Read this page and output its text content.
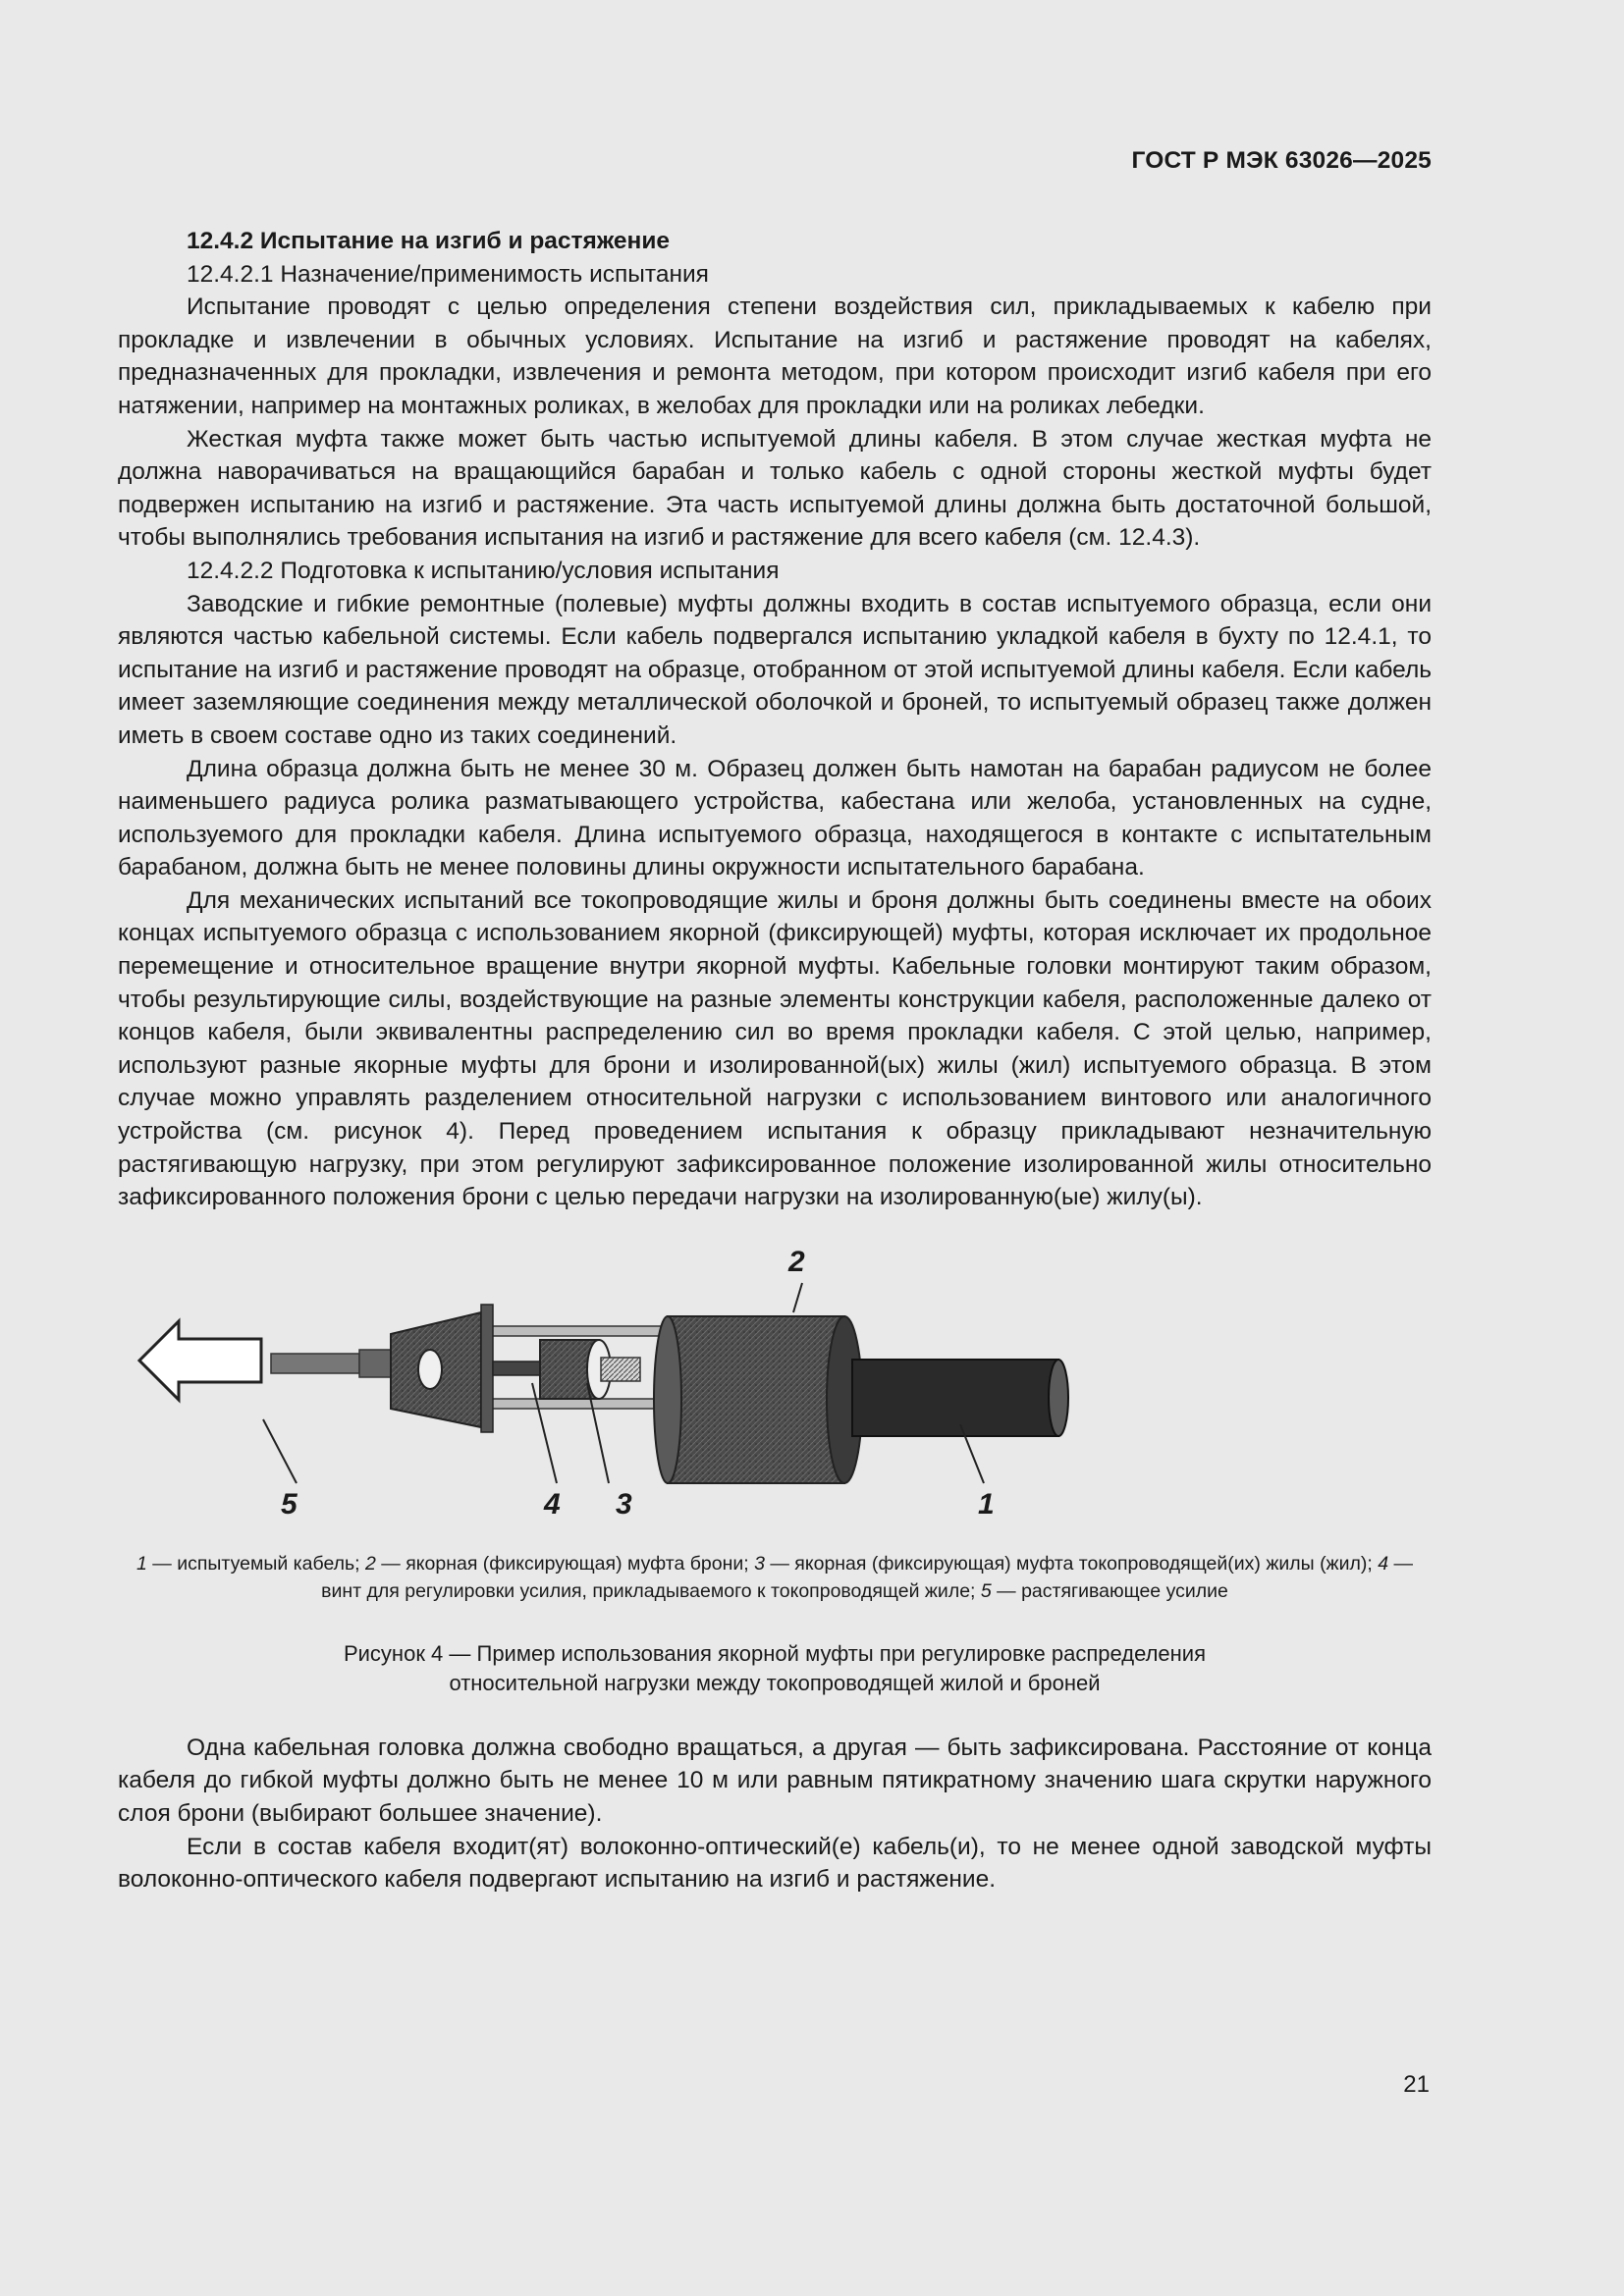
ГОСТ Р МЭК 63026—2025

12.4.2 Испытание на изгиб и растяжение

12.4.2.1 Назначение/применимость испытания

Испытание проводят с целью определения степени воздействия сил, прикладываемых к кабелю при прокладке и извлечении в обычных условиях. Испытание на изгиб и растяжение проводят на кабелях, предназначенных для прокладки, извлечения и ремонта методом, при котором происходит изгиб кабеля при его натяжении, например на монтажных роликах, в желобах для прокладки или на роликах лебедки.

Жесткая муфта также может быть частью испытуемой длины кабеля. В этом случае жесткая муфта не должна наворачиваться на вращающийся барабан и только кабель с одной стороны жесткой муфты будет подвержен испытанию на изгиб и растяжение. Эта часть испытуемой длины должна быть достаточной большой, чтобы выполнялись требования испытания на изгиб и растяжение для всего кабеля (см. 12.4.3).

12.4.2.2 Подготовка к испытанию/условия испытания

Заводские и гибкие ремонтные (полевые) муфты должны входить в состав испытуемого образца, если они являются частью кабельной системы. Если кабель подвергался испытанию укладкой кабеля в бухту по 12.4.1, то испытание на изгиб и растяжение проводят на образце, отобранном от этой испытуемой длины кабеля. Если кабель имеет заземляющие соединения между металлической оболочкой и броней, то испытуемый образец также должен иметь в своем составе одно из таких соединений.

Длина образца должна быть не менее 30 м. Образец должен быть намотан на барабан радиусом не более наименьшего радиуса ролика разматывающего устройства, кабестана или желоба, установленных на судне, используемого для прокладки кабеля. Длина испытуемого образца, находящегося в контакте с испытательным барабаном, должна быть не менее половины длины окружности испытательного барабана.

Для механических испытаний все токопроводящие жилы и броня должны быть соединены вместе на обоих концах испытуемого образца с использованием якорной (фиксирующей) муфты, которая исключает их продольное перемещение и относительное вращение внутри якорной муфты. Кабельные головки монтируют таким образом, чтобы результирующие силы, воздействующие на разные элементы конструкции кабеля, расположенные далеко от концов кабеля, были эквивалентны распределению сил во время прокладки кабеля. С этой целью, например, используют разные якорные муфты для брони и изолированной(ых) жилы (жил) испытуемого образца. В этом случае можно управлять разделением относительной нагрузки с использованием винтового или аналогичного устройства (см. рисунок 4). Перед проведением испытания к образцу прикладывают незначительную растягивающую нагрузку, при этом регулируют зафиксированное положение изолированной жилы относительно зафиксированного положения брони с целью передачи нагрузки на изолированную(ые) жилу(ы).

2
1
3
4
5
1 — испытуемый кабель; 2 — якорная (фиксирующая) муфта брони; 3 — якорная (фиксирующая) муфта токопроводящей(их) жилы (жил); 4 — винт для регулировки усилия, прикладываемого к токопроводящей жиле; 5 — растягивающее усилие
Рисунок 4 — Пример использования якорной муфты при регулировке распределения
относительной нагрузки между токопроводящей жилой и броней

Одна кабельная головка должна свободно вращаться, а другая — быть зафиксирована. Расстояние от конца кабеля до гибкой муфты должно быть не менее 10 м или равным пятикратному значению шага скрутки наружного слоя брони (выбирают большее значение).

Если в состав кабеля входит(ят) волоконно-оптический(е) кабель(и), то не менее одной заводской муфты волоконно-оптического кабеля подвергают испытанию на изгиб и растяжение.

21
